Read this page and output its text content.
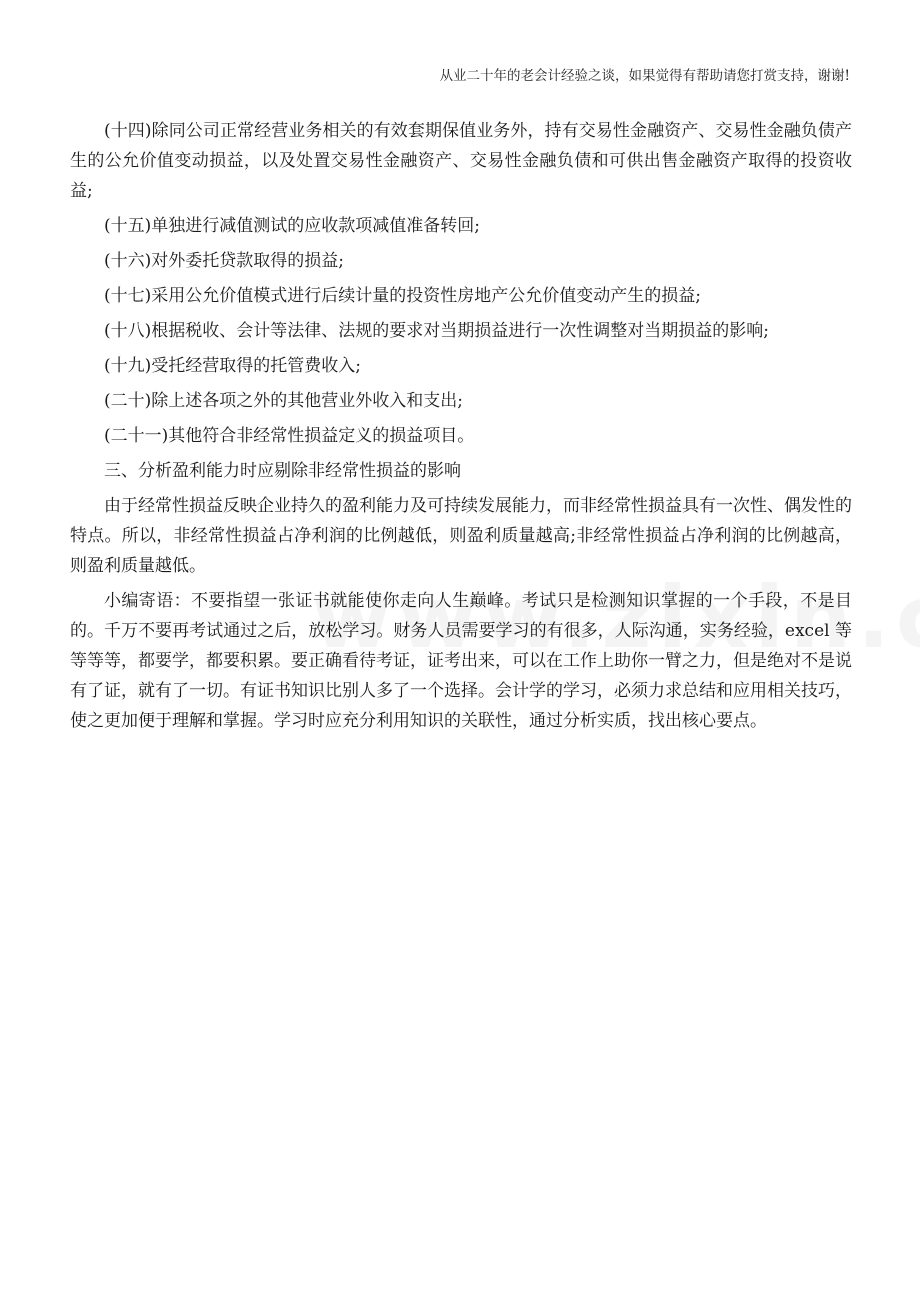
从业二十年的老会计经验之谈，如果觉得有帮助请您打赏支持，谢谢!

(十四)除同公司正常经营业务相关的有效套期保值业务外，持有交易性金融资产、交易性金融负债产生的公允价值变动损益，以及处置交易性金融资产、交易性金融负债和可供出售金融资产取得的投资收益;

(十五)单独进行减值测试的应收款项减值准备转回;

(十六)对外委托贷款取得的损益;

(十七)采用公允价值模式进行后续计量的投资性房地产公允价值变动产生的损益;

(十八)根据税收、会计等法律、法规的要求对当期损益进行一次性调整对当期损益的影响;

(十九)受托经营取得的托管费收入;

(二十)除上述各项之外的其他营业外收入和支出;

(二十一)其他符合非经常性损益定义的损益项目。

三、分析盈利能力时应剔除非经常性损益的影响

由于经常性损益反映企业持久的盈利能力及可持续发展能力，而非经常性损益具有一次性、偶发性的特点。所以，非经常性损益占净利润的比例越低，则盈利质量越高;非经常性损益占净利润的比例越高，则盈利质量越低。

小编寄语：不要指望一张证书就能使你走向人生巅峰。考试只是检测知识掌握的一个手段，不是目的。千万不要再考试通过之后，放松学习。财务人员需要学习的有很多，人际沟通，实务经验，excel 等等等等，都要学，都要积累。要正确看待考证，证考出来，可以在工作上助你一臂之力，但是绝对不是说有了证，就有了一切。有证书知识比别人多了一个选择。会计学的学习，必须力求总结和应用相关技巧，使之更加便于理解和掌握。学习时应充分利用知识的关联性，通过分析实质，找出核心要点。
